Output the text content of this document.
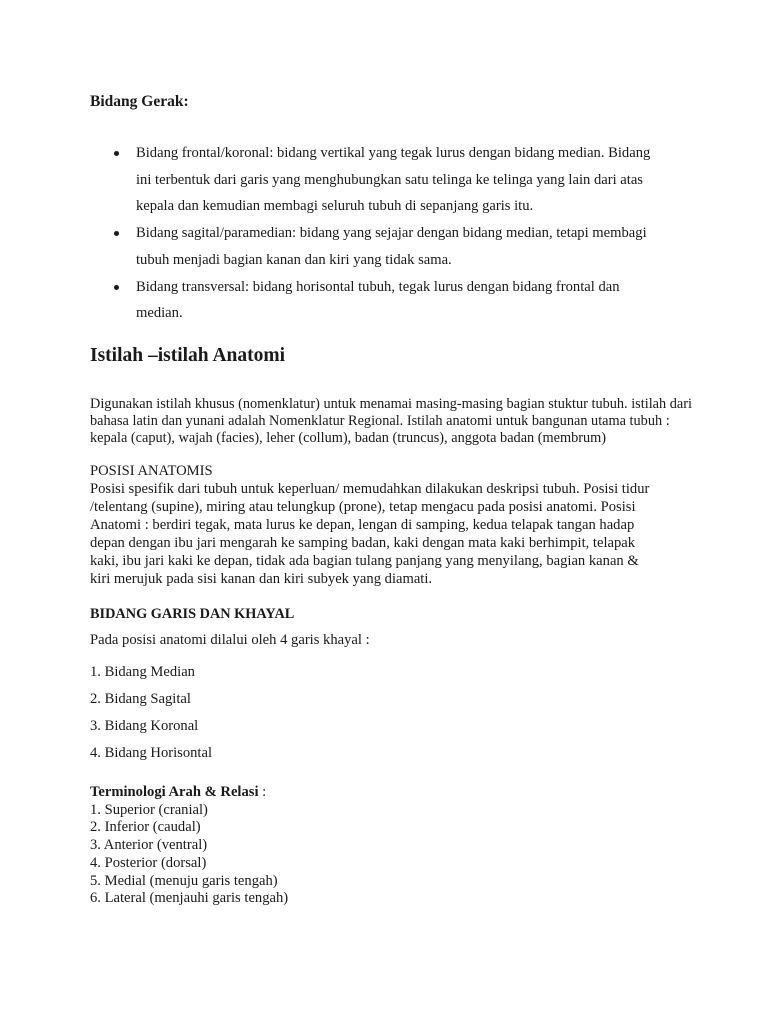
Bidang Gerak:
Bidang frontal/koronal: bidang vertikal yang tegak lurus dengan bidang median. Bidang
ini terbentuk dari garis yang menghubungkan satu telinga ke telinga yang lain dari atas
kepala dan kemudian membagi seluruh tubuh di sepanjang garis itu.
Bidang sagital/paramedian: bidang yang sejajar dengan bidang median, tetapi membagi
tubuh menjadi bagian kanan dan kiri yang tidak sama.
Bidang transversal: bidang horisontal tubuh, tegak lurus dengan bidang frontal dan
median.
Istilah –istilah Anatomi
Digunakan istilah khusus (nomenklatur) untuk menamai masing-masing bagian stuktur tubuh. istilah dari
bahasa latin dan yunani adalah Nomenklatur Regional. Istilah anatomi untuk bangunan utama tubuh :
kepala (caput), wajah (facies), leher (collum), badan (truncus), anggota badan (membrum)
POSISI ANATOMIS
Posisi spesifik dari tubuh untuk keperluan/ memudahkan dilakukan deskripsi tubuh. Posisi tidur
/telentang (supine), miring atau telungkup (prone), tetap mengacu pada posisi anatomi. Posisi
Anatomi : berdiri tegak, mata lurus ke depan, lengan di samping, kedua telapak tangan hadap
depan dengan ibu jari mengarah ke samping badan, kaki dengan mata kaki berhimpit, telapak
kaki, ibu jari kaki ke depan, tidak ada bagian tulang panjang yang menyilang, bagian kanan &
kiri merujuk pada sisi kanan dan kiri subyek yang diamati.
BIDANG GARIS DAN KHAYAL
Pada posisi anatomi dilalui oleh 4 garis khayal :
1. Bidang Median
2. Bidang Sagital
3. Bidang Koronal
4. Bidang Horisontal
Terminologi Arah & Relasi :
1. Superior (cranial)
2. Inferior (caudal)
3. Anterior (ventral)
4. Posterior (dorsal)
5. Medial (menuju garis tengah)
6. Lateral (menjauhi garis tengah)
